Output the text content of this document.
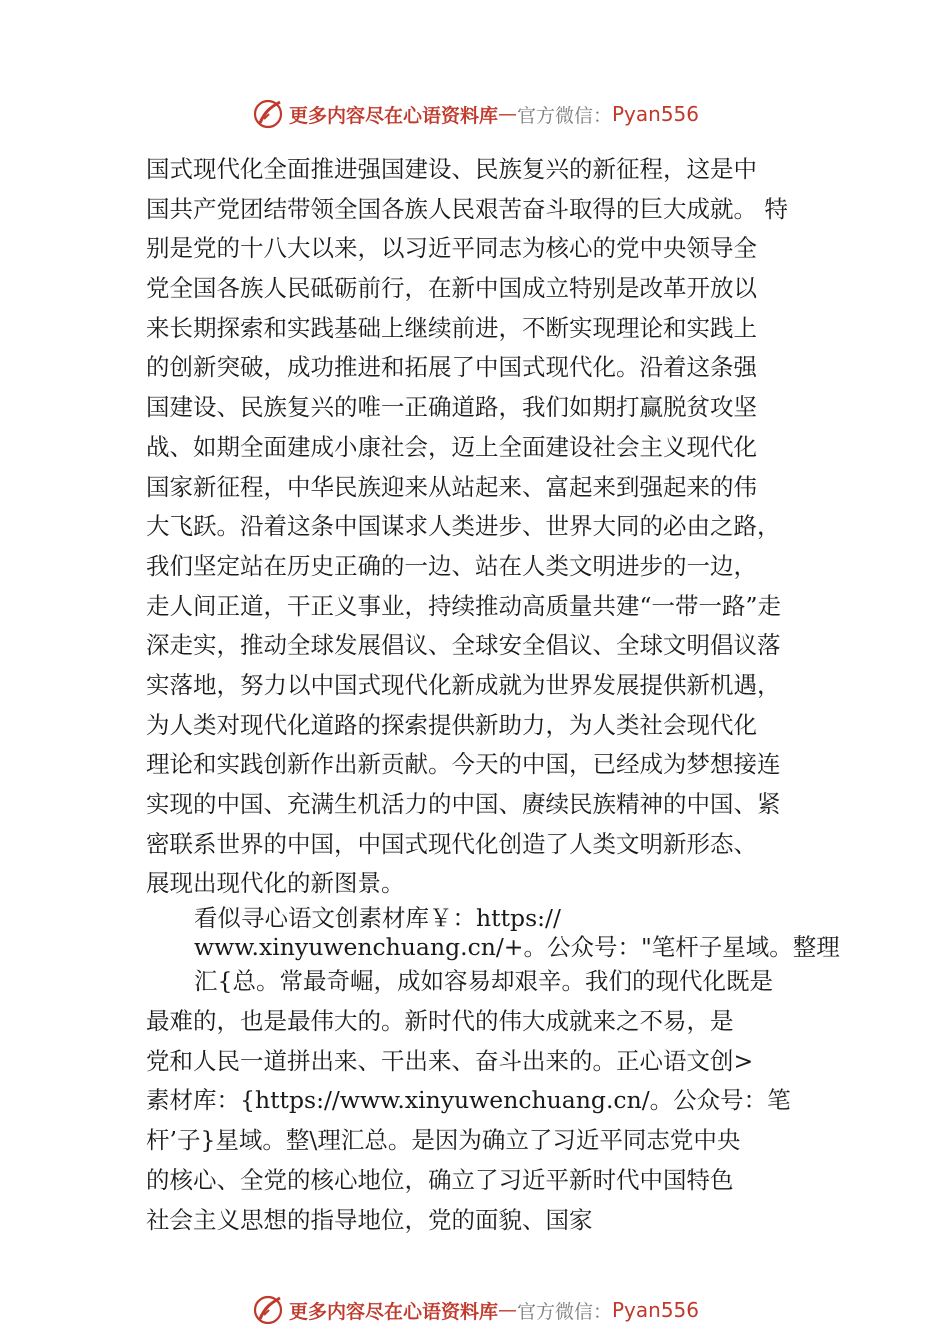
更多内容尽在心语资料库 — 官方微信： Pyan556
国式现代化全面推进强国建设、民族复兴的新征程，这是中
国共产党团结带领全国各族人民艰苦奋斗取得的巨大成就。 特
别是党的十八大以来，以习近平同志为核心的党中央领导全
党全国各族人民砥砺前行，在新中国成立特别是改革开放以
来长期探索和实践基础上继续前进，不断实现理论和实践上
的创新突破，成功推进和拓展了中国式现代化。沿着这条强
国建设、民族复兴的唯一正确道路，我们如期打赢脱贫攻坚
战、如期全面建成小康社会，迈上全面建设社会主义现代化
国家新征程，中华民族迎来从站起来、富起来到强起来的伟
大飞跃。沿着这条中国谋求人类进步、世界大同的必由之路，
我们坚定站在历史正确的一边、站在人类文明进步的一边，
走人间正道，干正义事业，持续推动高质量共建“一带一路”走
深走实，推动全球发展倡议、全球安全倡议、全球文明倡议落
实落地，努力以中国式现代化新成就为世界发展提供新机遇，
为人类对现代化道路的探索提供新助力，为人类社会现代化
理论和实践创新作出新贡献。今天的中国，已经成为梦想接连
实现的中国、充满生机活力的中国、赓续民族精神的中国、紧
密联系世界的中国，中国式现代化创造了人类文明新形态、
展现出现代化的新图景。
看似寻心语文创素材库￥：https://
www.xinyuwenchuang.cn/+。公众号："笔杆子星域。整理
汇{总。常最奇崛，成如容易却艰辛。我们的现代化既是
最难的，也是最伟大的。新时代的伟大成就来之不易，是
党和人民一道拼出来、干出来、奋斗出来的。正心语文创>
素材库：{https://www.xinyuwenchuang.cn/。公众号：笔
杆’子}星域。整\理汇总。是因为确立了习近平同志党中央
的核心、全党的核心地位，确立了习近平新时代中国特色
社会主义思想的指导地位，党的面貌、国家
更多内容尽在心语资料库 — 官方微信： Pyan556
